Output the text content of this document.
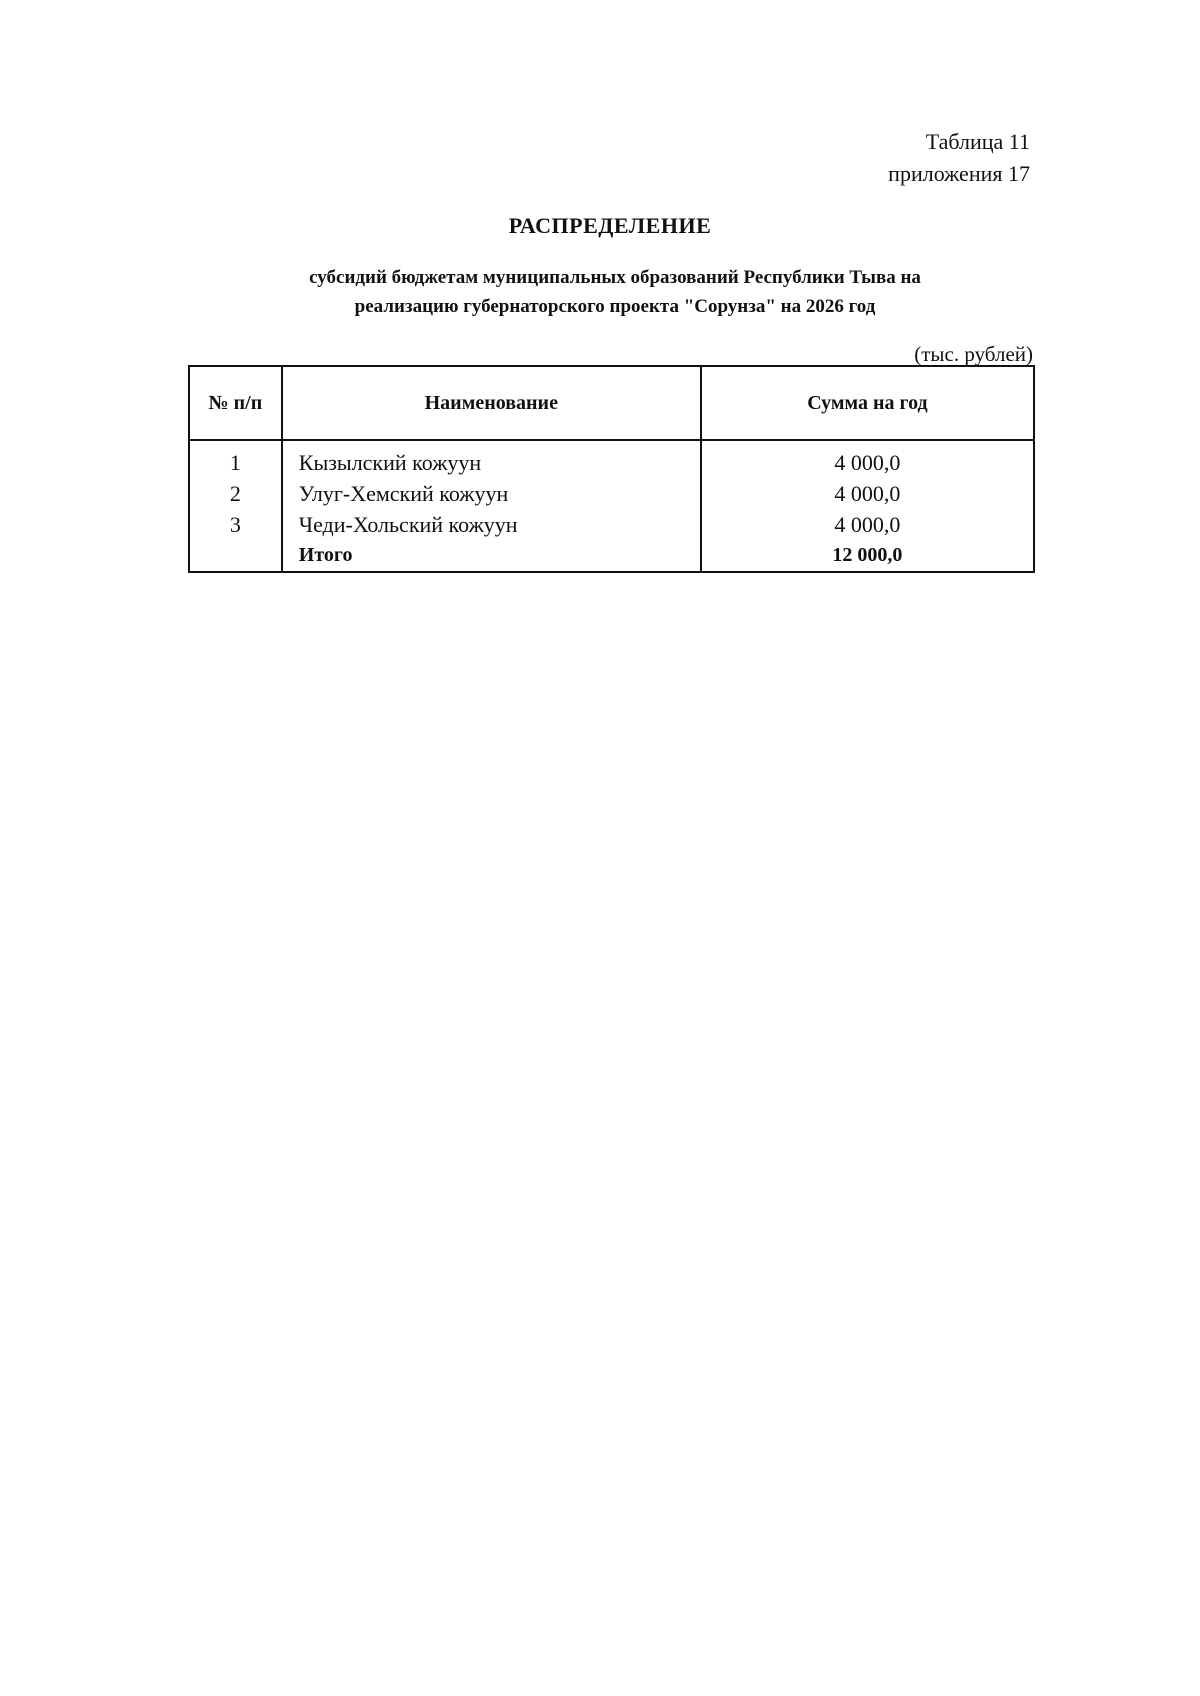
Таблица 11
приложения 17
РАСПРЕДЕЛЕНИЕ
субсидий бюджетам муниципальных образований Республики Тыва на
реализацию губернаторского проекта "Сорунза" на 2026 год
(тыс. рублей)
№ п/п	Наименование	Сумма на год
1	Кызылский кожуун	4 000,0
2	Улуг-Хемский кожуун	4 000,0
3	Чеди-Хольский кожуун	4 000,0
	Итого	12 000,0
